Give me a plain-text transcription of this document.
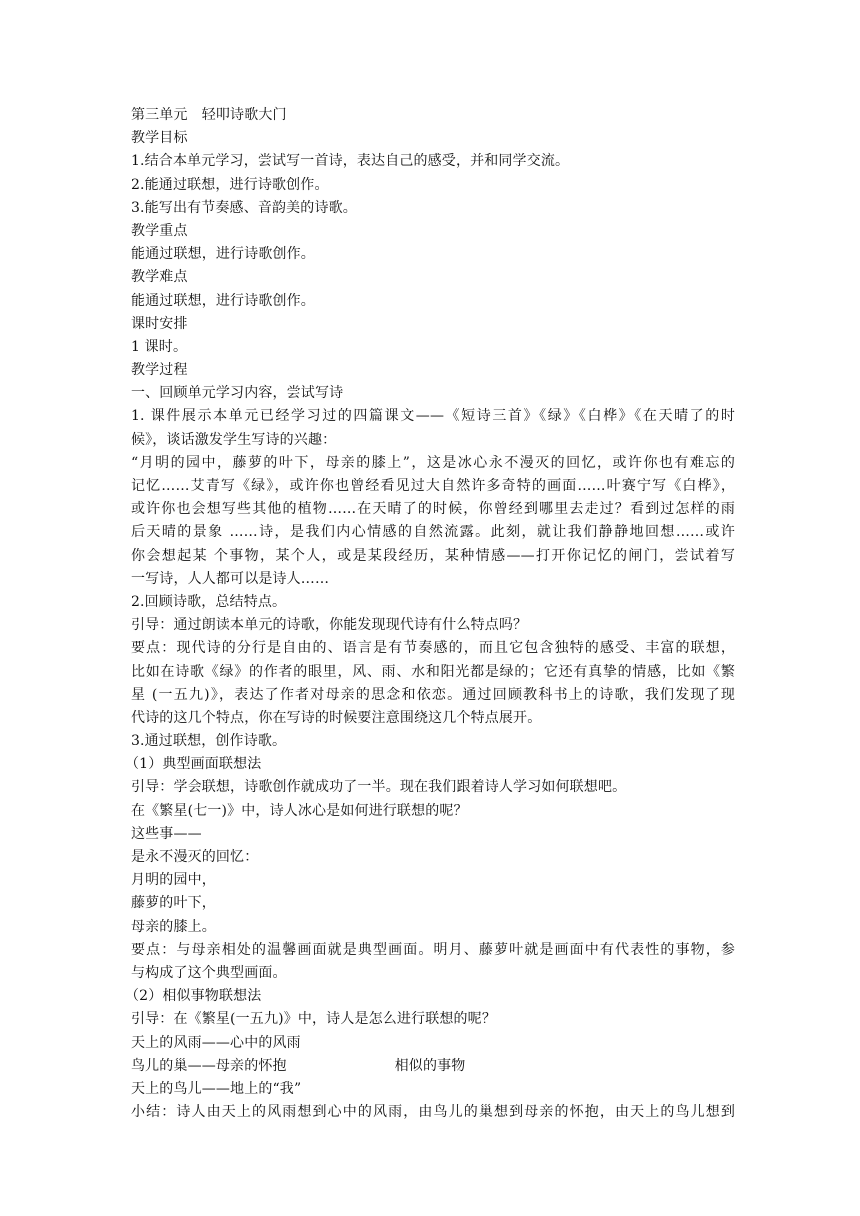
第三单元　轻叩诗歌大门
教学目标
1.结合本单元学习，尝试写一首诗，表达自己的感受，并和同学交流。
2.能通过联想，进行诗歌创作。
3.能写出有节奏感、音韵美的诗歌。
教学重点
能通过联想，进行诗歌创作。
教学难点
能通过联想，进行诗歌创作。
课时安排
1 课时。
教学过程
一、回顾单元学习内容，尝试写诗
1. 课件展示本单元已经学习过的四篇课文——《短诗三首》《绿》《白桦》《在天晴了的时
候》，谈话激发学生写诗的兴趣：
“月明的园中，藤萝的叶下，母亲的膝上”，这是冰心永不漫灭的回忆，或许你也有难忘的
记忆……艾青写《绿》，或许你也曾经看见过大自然许多奇特的画面……叶赛宁写《白桦》，
或许你也会想写些其他的植物……在天晴了的时候，你曾经到哪里去走过？看到过怎样的雨
后天晴的景象 ……诗，是我们内心情感的自然流露。此刻，就让我们静静地回想……或许
你会想起某 个事物，某个人，或是某段经历，某种情感——打开你记忆的闸门，尝试着写
一写诗，人人都可以是诗人……
2.回顾诗歌，总结特点。
引导：通过朗读本单元的诗歌，你能发现现代诗有什么特点吗？
要点：现代诗的分行是自由的、语言是有节奏感的，而且它包含独特的感受、丰富的联想，
比如在诗歌《绿》的作者的眼里，风、雨、水和阳光都是绿的；它还有真挚的情感，比如《繁
星 (一五九)》，表达了作者对母亲的思念和依恋。通过回顾教科书上的诗歌，我们发现了现
代诗的这几个特点，你在写诗的时候要注意围绕这几个特点展开。
3.通过联想，创作诗歌。
（1）典型画面联想法
引导：学会联想，诗歌创作就成功了一半。现在我们跟着诗人学习如何联想吧。
在《繁星(七一)》中，诗人冰心是如何进行联想的呢？
这些事——
是永不漫灭的回忆：
月明的园中，
藤萝的叶下，
母亲的膝上。
要点：与母亲相处的温馨画面就是典型画面。明月、藤萝叶就是画面中有代表性的事物，参
与构成了这个典型画面。
（2）相似事物联想法
引导：在《繁星(一五九)》中，诗人是怎么进行联想的呢？
天上的风雨——心中的风雨
鸟儿的巢——母亲的怀抱	相似的事物
天上的鸟儿——地上的“我”
小结：诗人由天上的风雨想到心中的风雨，由鸟儿的巢想到母亲的怀抱，由天上的鸟儿想到
